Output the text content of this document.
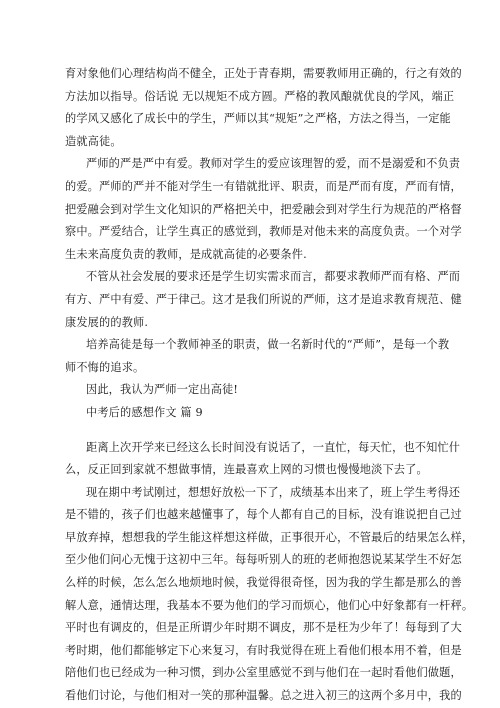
育对象他们心理结构尚不健全，正处于青春期，需要教师用正确的，行之有效的
方法加以指导。俗话说 无以规矩不成方圆。严格的教风酿就优良的学风，端正
的学风又感化了成长中的学生，严师以其“规矩”之严格，方法之得当，一定能
造就高徒。
严师的严是严中有爱。教师对学生的爱应该理智的爱，而不是溺爱和不负责
的爱。严师的严并不能对学生一有错就批评、职责，而是严而有度，严而有情，
把爱融会到对学生文化知识的严格把关中，把爱融会到对学生行为规范的严格督
察中。严爱结合，让学生真正的感觉到，教师是对他未来的高度负责。一个对学
生未来高度负责的教师，是成就高徒的必要条件.
不管从社会发展的要求还是学生切实需求而言，都要求教师严而有格、严而
有方、严中有爱、严于律己。这才是我们所说的严师，这才是追求教育规范、健
康发展的的教师.
培养高徒是每一个教师神圣的职责，做一名新时代的“严师”，是每一个教
师不悔的追求。
因此，我认为严师一定出高徒!
中考后的感想作文 篇 9
距离上次开学来已经这么长时间没有说话了，一直忙，每天忙，也不知忙什
么，反正回到家就不想做事情，连最喜欢上网的习惯也慢慢地淡下去了。
现在期中考试刚过，想想好放松一下了，成绩基本出来了，班上学生考得还
是不错的，孩子们也越来越懂事了，每个人都有自己的目标，没有谁说把自己过
早放弃掉，想想我的学生能这样想这样做，正事很开心，不管最后的结果怎么样，
至少他们问心无愧于这初中三年。每每听别人的班的老师抱怨说某某学生不好怎
么样的时候，怎么怎么地烦地时候，我觉得很奇怪，因为我的学生都是那么的善
解人意，通情达理，我基本不要为他们的学习而烦心，他们心中好象都有一杆秤。
平时也有调皮的，但是正所谓少年时期不调皮，那不是枉为少年了！每每到了大
考时期，他们都能够定下心来复习，有时我觉得在班上看他们根本用不着，但是
陪他们也已经成为一种习惯，到办公室里感觉不到与他们在一起时看他们做题，
看他们讨论，与他们相对一笑的那种温馨。总之进入初三的这两个多月中，我的
